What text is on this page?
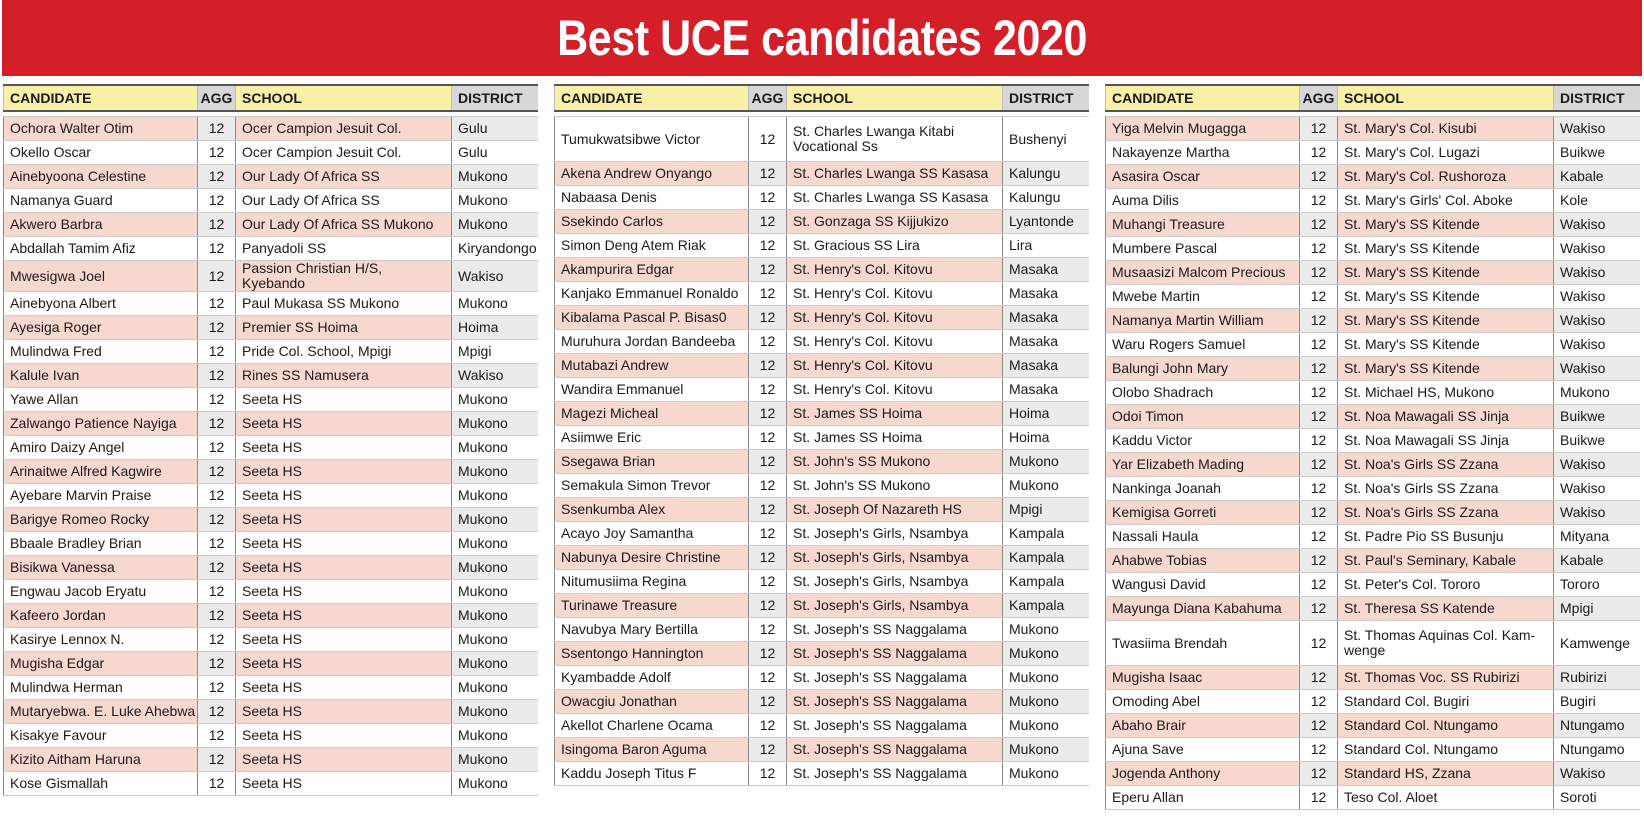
Best UCE candidates 2020
CANDIDATE	AGG	SCHOOL	DISTRICT

Ochora Walter Otim	12	Ocer Campion Jesuit Col.	Gulu
Okello Oscar	12	Ocer Campion Jesuit Col.	Gulu
Ainebyoona Celestine	12	Our Lady Of Africa SS	Mukono
Namanya Guard	12	Our Lady Of Africa SS	Mukono
Akwero Barbra	12	Our Lady Of Africa SS Mukono	Mukono
Abdallah Tamim Afiz	12	Panyadoli SS	Kiryandongo
Mwesigwa Joel	12	Passion Christian H/S, Kyebando	Wakiso
Ainebyona Albert	12	Paul Mukasa SS Mukono	Mukono
Ayesiga Roger	12	Premier SS Hoima	Hoima
Mulindwa Fred	12	Pride Col. School, Mpigi	Mpigi
Kalule Ivan	12	Rines SS Namusera	Wakiso
Yawe Allan	12	Seeta HS	Mukono
Zalwango Patience Nayiga	12	Seeta HS	Mukono
Amiro Daizy Angel	12	Seeta HS	Mukono
Arinaitwe Alfred Kagwire	12	Seeta HS	Mukono
Ayebare Marvin Praise	12	Seeta HS	Mukono
Barigye Romeo Rocky	12	Seeta HS	Mukono
Bbaale Bradley Brian	12	Seeta HS	Mukono
Bisikwa Vanessa	12	Seeta HS	Mukono
Engwau Jacob Eryatu	12	Seeta HS	Mukono
Kafeero Jordan	12	Seeta HS	Mukono
Kasirye Lennox N.	12	Seeta HS	Mukono
Mugisha Edgar	12	Seeta HS	Mukono
Mulindwa Herman	12	Seeta HS	Mukono
Mutaryebwa. E. Luke Ahebwa	12	Seeta HS	Mukono
Kisakye Favour	12	Seeta HS	Mukono
Kizito Aitham Haruna	12	Seeta HS	Mukono
Kose Gismallah	12	Seeta HS	Mukono
CANDIDATE	AGG	SCHOOL	DISTRICT

Tumukwatsibwe Victor	12	St. Charles Lwanga Kitabi Vocational Ss	Bushenyi
Akena Andrew Onyango	12	St. Charles Lwanga SS Kasasa	Kalungu
Nabaasa Denis	12	St. Charles Lwanga SS Kasasa	Kalungu
Ssekindo Carlos	12	St. Gonzaga SS Kijjukizo	Lyantonde
Simon Deng Atem Riak	12	St. Gracious SS Lira	Lira
Akampurira Edgar	12	St. Henry's Col. Kitovu	Masaka
Kanjako Emmanuel Ronaldo	12	St. Henry's Col. Kitovu	Masaka
Kibalama Pascal P. Bisas0	12	St. Henry's Col. Kitovu	Masaka
Muruhura Jordan Bandeeba	12	St. Henry's Col. Kitovu	Masaka
Mutabazi Andrew	12	St. Henry's Col. Kitovu	Masaka
Wandira Emmanuel	12	St. Henry's Col. Kitovu	Masaka
Magezi Micheal	12	St. James SS Hoima	Hoima
Asiimwe Eric	12	St. James SS Hoima	Hoima
Ssegawa Brian	12	St. John's SS Mukono	Mukono
Semakula Simon Trevor	12	St. John's SS Mukono	Mukono
Ssenkumba Alex	12	St. Joseph Of Nazareth HS	Mpigi
Acayo Joy Samantha	12	St. Joseph's Girls, Nsambya	Kampala
Nabunya Desire Christine	12	St. Joseph's Girls, Nsambya	Kampala
Nitumusiima Regina	12	St. Joseph's Girls, Nsambya	Kampala
Turinawe Treasure	12	St. Joseph's Girls, Nsambya	Kampala
Navubya Mary Bertilla	12	St. Joseph's SS Naggalama	Mukono
Ssentongo Hannington	12	St. Joseph's SS Naggalama	Mukono
Kyambadde Adolf	12	St. Joseph's SS Naggalama	Mukono
Owacgiu Jonathan	12	St. Joseph's SS Naggalama	Mukono
Akellot Charlene Ocama	12	St. Joseph's SS Naggalama	Mukono
Isingoma Baron Aguma	12	St. Joseph's SS Naggalama	Mukono
Kaddu Joseph Titus F	12	St. Joseph's SS Naggalama	Mukono
CANDIDATE	AGG	SCHOOL	DISTRICT

Yiga Melvin Mugagga	12	St. Mary's Col. Kisubi	Wakiso
Nakayenze Martha	12	St. Mary's Col. Lugazi	Buikwe
Asasira Oscar	12	St. Mary's Col. Rushoroza	Kabale
Auma Dilis	12	St. Mary's Girls' Col. Aboke	Kole
Muhangi Treasure	12	St. Mary's SS Kitende	Wakiso
Mumbere Pascal	12	St. Mary's SS Kitende	Wakiso
Musaasizi Malcom Precious	12	St. Mary's SS Kitende	Wakiso
Mwebe Martin	12	St. Mary's SS Kitende	Wakiso
Namanya Martin William	12	St. Mary's SS Kitende	Wakiso
Waru Rogers Samuel	12	St. Mary's SS Kitende	Wakiso
Balungi John Mary	12	St. Mary's SS Kitende	Wakiso
Olobo Shadrach	12	St. Michael HS, Mukono	Mukono
Odoi Timon	12	St. Noa Mawagali SS Jinja	Buikwe
Kaddu Victor	12	St. Noa Mawagali SS Jinja	Buikwe
Yar Elizabeth Mading	12	St. Noa's Girls SS Zzana	Wakiso
Nankinga Joanah	12	St. Noa's Girls SS Zzana	Wakiso
Kemigisa Gorreti	12	St. Noa's Girls SS Zzana	Wakiso
Nassali Haula	12	St. Padre Pio SS Busunju	Mityana
Ahabwe Tobias	12	St. Paul's Seminary, Kabale	Kabale
Wangusi David	12	St. Peter's Col. Tororo	Tororo
Mayunga Diana Kabahuma	12	St. Theresa SS Katende	Mpigi
Twasiima Brendah	12	St. Thomas Aquinas Col. Kam-wenge	Kamwenge
Mugisha Isaac	12	St. Thomas Voc. SS Rubirizi	Rubirizi
Omoding Abel	12	Standard Col. Bugiri	Bugiri
Abaho Brair	12	Standard Col. Ntungamo	Ntungamo
Ajuna Save	12	Standard Col. Ntungamo	Ntungamo
Jogenda Anthony	12	Standard HS, Zzana	Wakiso
Eperu Allan	12	Teso Col. Aloet	Soroti
